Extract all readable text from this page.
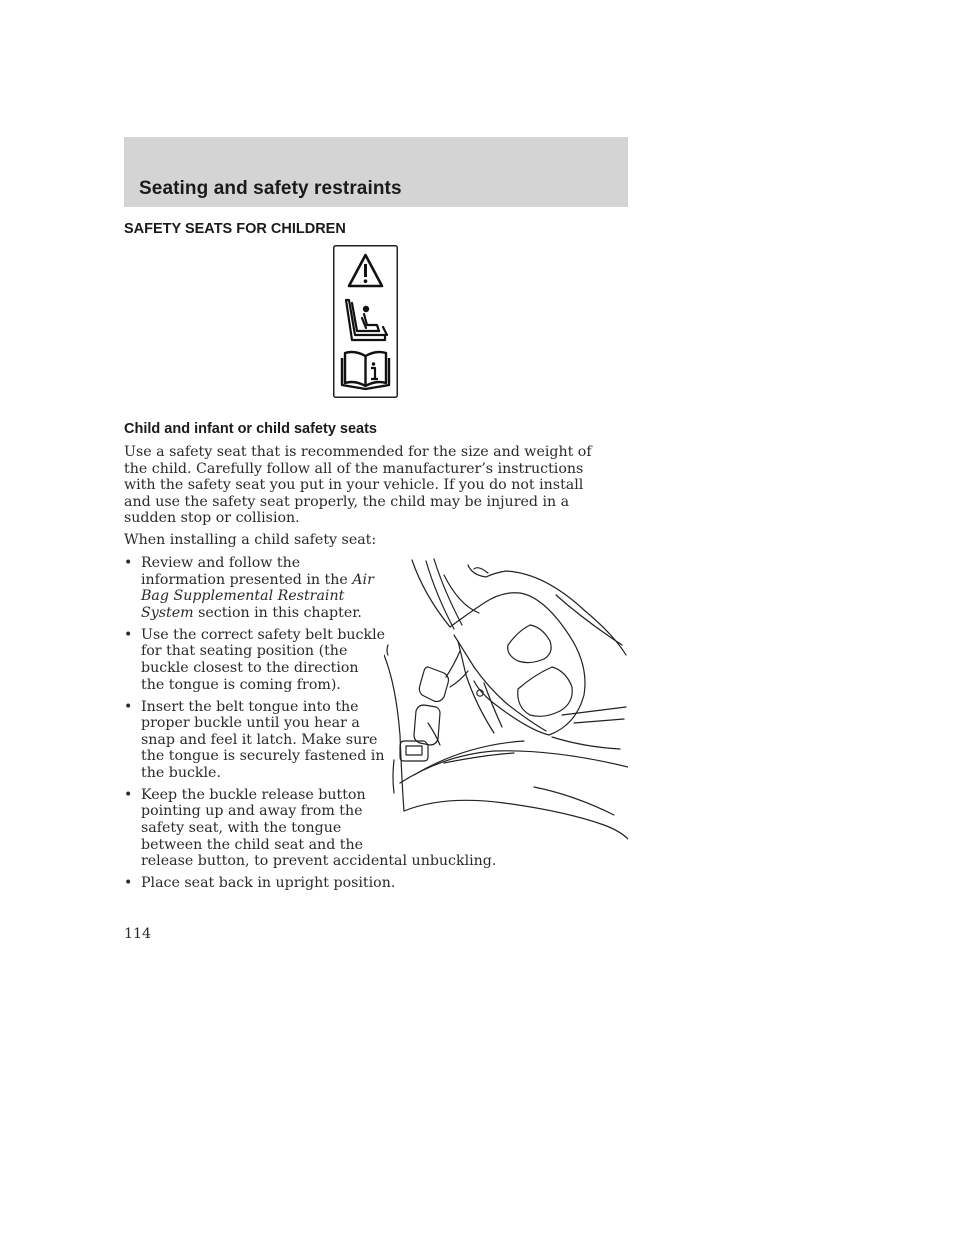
Seating and safety restraints
SAFETY SEATS FOR CHILDREN
Child and infant or child safety seats

Use a safety seat that is recommended for the size and weight of the child. Carefully follow all of the manufacturer’s instructions with the safety seat you put in your vehicle. If you do not install and use the safety seat properly, the child may be injured in a sudden stop or collision.

When installing a child safety seat:

• Review and follow the information presented in the Air Bag Supplemental Restraint System section in this chapter.
• Use the correct safety belt buckle for that seating position (the buckle closest to the direction the tongue is coming from).
• Insert the belt tongue into the proper buckle until you hear a snap and feel it latch. Make sure the tongue is securely fastened in the buckle.
• Keep the buckle release button pointing up and away from the safety seat, with the tongue between the child seat and the
release button, to prevent accidental unbuckling.
• Place seat back in upright position.
114
